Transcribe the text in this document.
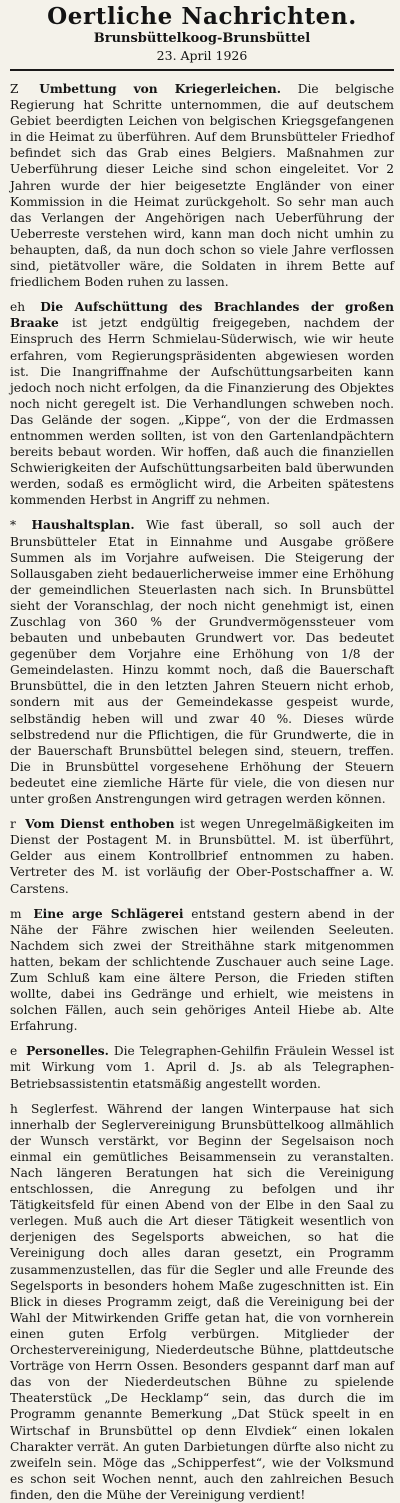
Oertliche Nachrichten.
Brunsbüttelkoog-Brunsbüttel
23. April 1926

Z Umbettung von Kriegerleichen. Die belgische Regierung hat Schritte unternommen, die auf deutschem Gebiet beerdigten Leichen von belgischen Kriegsgefangenen in die Heimat zu überführen. Auf dem Brunsbütteler Friedhof befindet sich das Grab eines Belgiers. Maßnahmen zur Ueberführung dieser Leiche sind schon eingeleitet. Vor 2 Jahren wurde der hier beigesetzte Engländer von einer Kommission in die Heimat zurückgeholt. So sehr man auch das Verlangen der Angehörigen nach Ueberführung der Ueberreste verstehen wird, kann man doch nicht umhin zu behaupten, daß, da nun doch schon so viele Jahre verflossen sind, pietätvoller wäre, die Soldaten in ihrem Bette auf friedlichem Boden ruhen zu lassen.

eh Die Aufschüttung des Brachlandes der großen Braake ist jetzt endgültig freigegeben, nachdem der Einspruch des Herrn Schmielau-Süderwisch, wie wir heute erfahren, vom Regierungspräsidenten abgewiesen worden ist. Die Inangriffnahme der Aufschüttungsarbeiten kann jedoch noch nicht erfolgen, da die Finanzierung des Objektes noch nicht geregelt ist. Die Verhandlungen schweben noch. Das Gelände der sogen. „Kippe“, von der die Erdmassen entnommen werden sollten, ist von den Gartenlandpächtern bereits bebaut worden. Wir hoffen, daß auch die finanziellen Schwierigkeiten der Aufschüttungsarbeiten bald überwunden werden, sodaß es ermöglicht wird, die Arbeiten spätestens kommenden Herbst in Angriff zu nehmen.

* Haushaltsplan. Wie fast überall, so soll auch der Brunsbütteler Etat in Einnahme und Ausgabe größere Summen als im Vorjahre aufweisen. Die Steigerung der Sollausgaben zieht bedauerlicherweise immer eine Erhöhung der gemeindlichen Steuerlasten nach sich. In Brunsbüttel sieht der Voranschlag, der noch nicht genehmigt ist, einen Zuschlag von 360 % der Grundvermögenssteuer vom bebauten und unbebauten Grundwert vor. Das bedeutet gegenüber dem Vorjahre eine Erhöhung von 1/8 der Gemeindelasten. Hinzu kommt noch, daß die Bauerschaft Brunsbüttel, die in den letzten Jahren Steuern nicht erhob, sondern mit aus der Gemeindekasse gespeist wurde, selbständig heben will und zwar 40 %. Dieses würde selbstredend nur die Pflichtigen, die für Grundwerte, die in der Bauerschaft Brunsbüttel belegen sind, steuern, treffen. Die in Brunsbüttel vorgesehene Erhöhung der Steuern bedeutet eine ziemliche Härte für viele, die von diesen nur unter großen Anstrengungen wird getragen werden können.

r Vom Dienst enthoben ist wegen Unregelmäßigkeiten im Dienst der Postagent M. in Brunsbüttel. M. ist überführt, Gelder aus einem Kontrollbrief entnommen zu haben. Vertreter des M. ist vorläufig der Ober-Postschaffner a. W. Carstens.

m Eine arge Schlägerei entstand gestern abend in der Nähe der Fähre zwischen hier weilenden Seeleuten. Nachdem sich zwei der Streithähne stark mitgenommen hatten, bekam der schlichtende Zuschauer auch seine Lage. Zum Schluß kam eine ältere Person, die Frieden stiften wollte, dabei ins Gedränge und erhielt, wie meistens in solchen Fällen, auch sein gehöriges Anteil Hiebe ab. Alte Erfahrung.

e Personelles. Die Telegraphen-Gehilfin Fräulein Wessel ist mit Wirkung vom 1. April d. Js. ab als Telegraphen-Betriebsassistentin etatsmäßig angestellt worden.

h Seglerfest. Während der langen Winterpause hat sich innerhalb der Seglervereinigung Brunsbüttelkoog allmählich der Wunsch verstärkt, vor Beginn der Segelsaison noch einmal ein gemütliches Beisammensein zu veranstalten. Nach längeren Beratungen hat sich die Vereinigung entschlossen, die Anregung zu befolgen und ihr Tätigkeitsfeld für einen Abend von der Elbe in den Saal zu verlegen. Muß auch die Art dieser Tätigkeit wesentlich von derjenigen des Segelsports abweichen, so hat die Vereinigung doch alles daran gesetzt, ein Programm zusammenzustellen, das für die Segler und alle Freunde des Segelsports in besonders hohem Maße zugeschnitten ist. Ein Blick in dieses Programm zeigt, daß die Vereinigung bei der Wahl der Mitwirkenden Griffe getan hat, die von vornherein einen guten Erfolg verbürgen. Mitglieder der Orchestervereinigung, Niederdeutsche Bühne, plattdeutsche Vorträge von Herrn Ossen. Besonders gespannt darf man auf das von der Niederdeutschen Bühne zu spielende Theaterstück „De Hecklamp“ sein, das durch die im Programm genannte Bemerkung „Dat Stück speelt in en Wirtschaf in Brunsbüttel op denn Elvdiek“ einen lokalen Charakter verrät. An guten Darbietungen dürfte also nicht zu zweifeln sein. Möge das „Schipperfest“, wie der Volksmund es schon seit Wochen nennt, auch den zahlreichen Besuch finden, den die Mühe der Vereinigung verdient!
